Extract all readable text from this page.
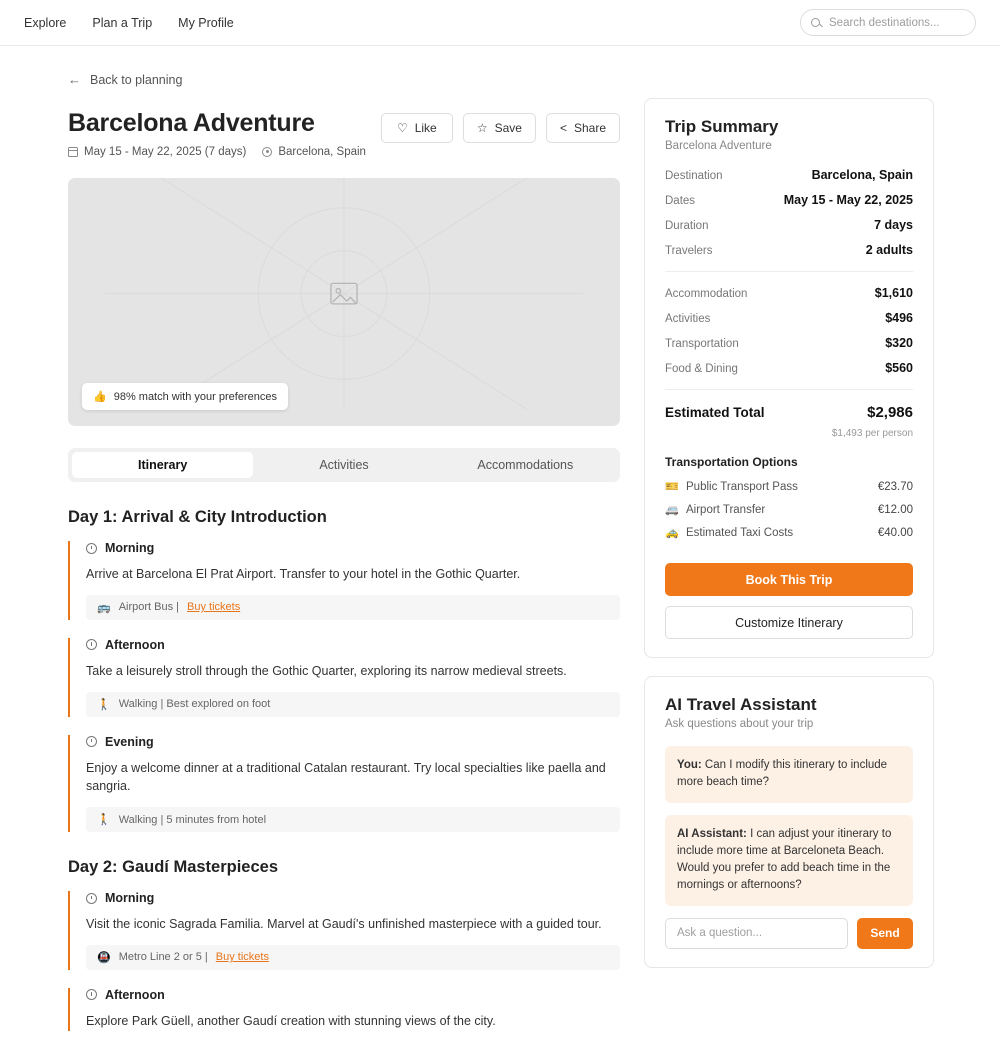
Explore Plan a Trip My Profile
Search destinations...
← Back to planning
Barcelona Adventure
May 15 - May 22, 2025 (7 days)	Barcelona, Spain
♡ Like	☆ Save	< Share
👍 98% match with your preferences
Itinerary	Activities	Accommodations
Day 1: Arrival & City Introduction
Morning
Arrive at Barcelona El Prat Airport. Transfer to your hotel in the Gothic Quarter.
🚌 Airport Bus | Buy tickets
Afternoon
Take a leisurely stroll through the Gothic Quarter, exploring its narrow medieval streets.
🚶 Walking | Best explored on foot
Evening
Enjoy a welcome dinner at a traditional Catalan restaurant. Try local specialties like paella and sangria.
🚶 Walking | 5 minutes from hotel
Day 2: Gaudí Masterpieces
Morning
Visit the iconic Sagrada Familia. Marvel at Gaudí's unfinished masterpiece with a guided tour.
🚇 Metro Line 2 or 5 | Buy tickets
Afternoon
Explore Park Güell, another Gaudí creation with stunning views of the city.
Trip Summary
Barcelona Adventure
Destination	Barcelona, Spain
Dates	May 15 - May 22, 2025
Duration	7 days
Travelers	2 adults
Accommodation	$1,610
Activities	$496
Transportation	$320
Food & Dining	$560
Estimated Total	$2,986
$1,493 per person
Transportation Options
🎫 Public Transport Pass	€23.70
🚐 Airport Transfer	€12.00
🚕 Estimated Taxi Costs	€40.00
Book This Trip Customize Itinerary
AI Travel Assistant
Ask questions about your trip
You: Can I modify this itinerary to include more beach time?
AI Assistant: I can adjust your itinerary to include more time at Barceloneta Beach. Would you prefer to add beach time in the mornings or afternoons?
Ask a question...
Send
